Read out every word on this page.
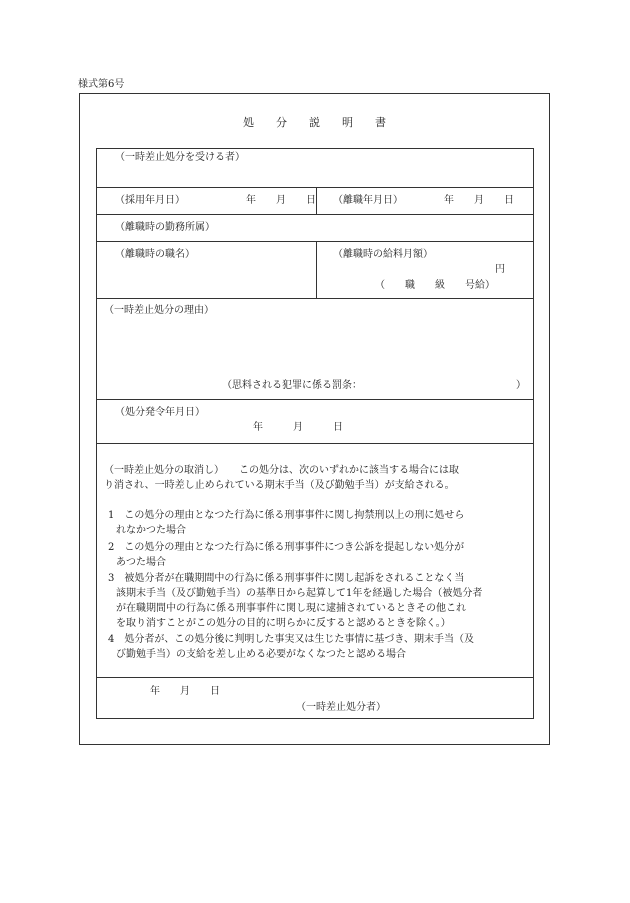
様式第6号
処　　分　　説　　明　　書
（一時差止処分を受ける者）
（採用年月日）	年　　月　　日 （離職年月日）	年　　月　　日
（離職時の勤務所属）
（離職時の職名）	（離職時の給料月額）
円
（　　職　　級　　号給）
（一時差止処分の理由）
（思料される犯罪に係る罰条：	）
（処分発令年月日）
年　　　月　　　日
（一時差止処分の取消し）　　この処分は、次のいずれかに該当する場合には取
り消され、一時差し止められている期末手当（及び勤勉手当）が支給される。
1　この処分の理由となつた行為に係る刑事事件に関し拘禁刑以上の刑に処せら
れなかつた場合
2　この処分の理由となつた行為に係る刑事事件につき公訴を提起しない処分が
あつた場合
3　被処分者が在職期間中の行為に係る刑事事件に関し起訴をされることなく当
該期末手当（及び勤勉手当）の基準日から起算して1年を経過した場合（被処分者
が在職期間中の行為に係る刑事事件に関し現に逮捕されているときその他これ
を取り消すことがこの処分の目的に明らかに反すると認めるときを除く。）
4　処分者が、この処分後に判明した事実又は生じた事情に基づき、期末手当（及
び勤勉手当）の支給を差し止める必要がなくなつたと認める場合
年　　月　　日
（一時差止処分者）
